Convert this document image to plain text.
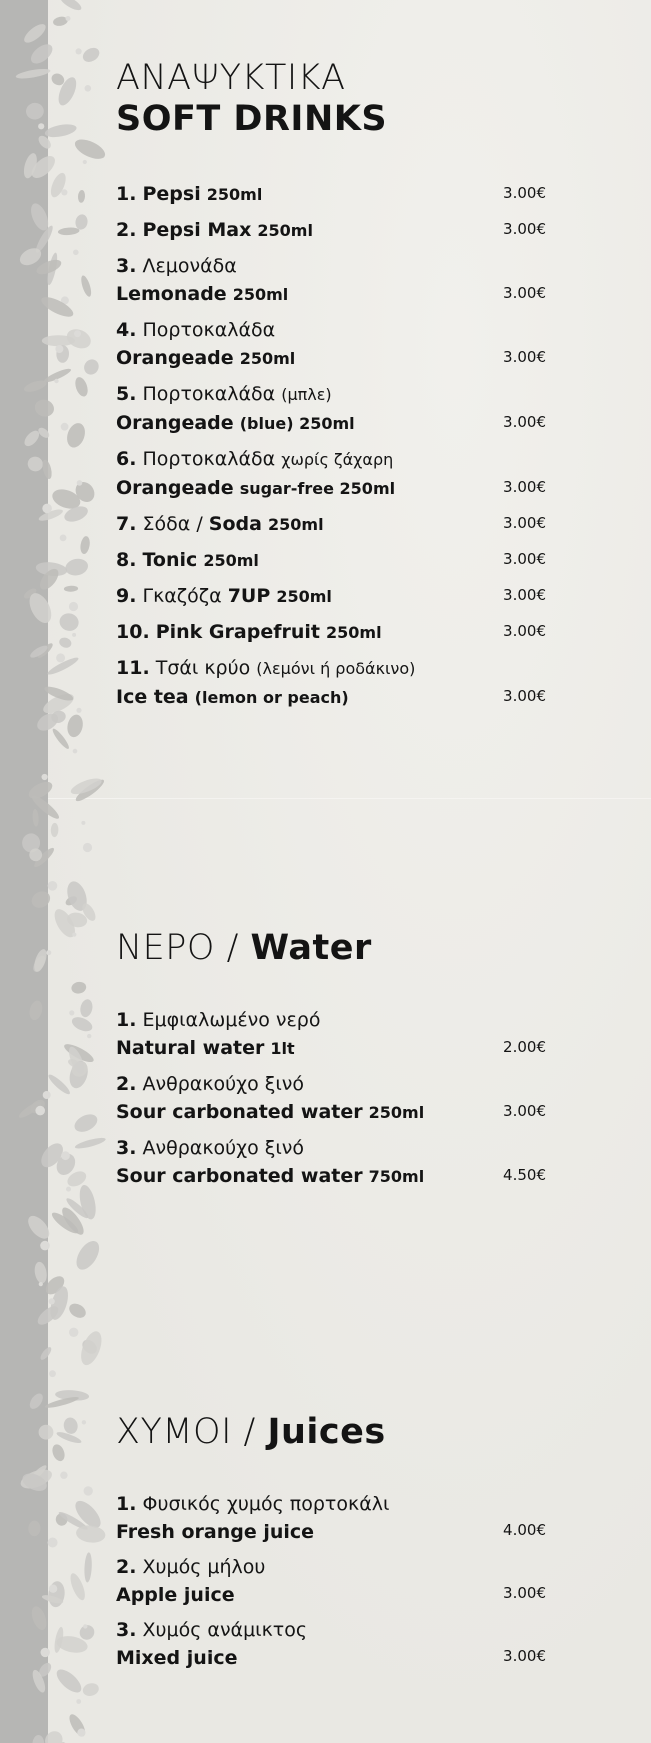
ΑΝΑΨΥΚΤΙΚΑ
SOFT DRINKS
1. Pepsi 250ml	3.00€
2. Pepsi Max 250ml	3.00€
3. Λεμονάδα
Lemonade 250ml	3.00€
4. Πορτοκαλάδα
Orangeade 250ml	3.00€
5. Πορτοκαλάδα (μπλε)
Orangeade (blue) 250ml	3.00€
6. Πορτοκαλάδα χωρίς ζάχαρη
Orangeade sugar-free 250ml	3.00€
7. Σόδα / Soda 250ml	3.00€
8. Tonic 250ml	3.00€
9. Γκαζόζα 7UP 250ml	3.00€
10. Pink Grapefruit 250ml	3.00€
11. Τσάι κρύο (λεμόνι ή ροδάκινο)
Ice tea (lemon or peach)	3.00€
ΝΕΡΟ / Water
1. Εμφιαλωμένο νερό
Natural water 1lt	2.00€
2. Ανθρακούχο ξινό
Sour carbonated water 250ml	3.00€
3. Ανθρακούχο ξινό
Sour carbonated water 750ml	4.50€
ΧΥΜΟΙ / Juices
1. Φυσικός χυμός πορτοκάλι
Fresh orange juice	4.00€
2. Χυμός μήλου
Apple juice	3.00€
3. Χυμός ανάμικτος
Mixed juice	3.00€
